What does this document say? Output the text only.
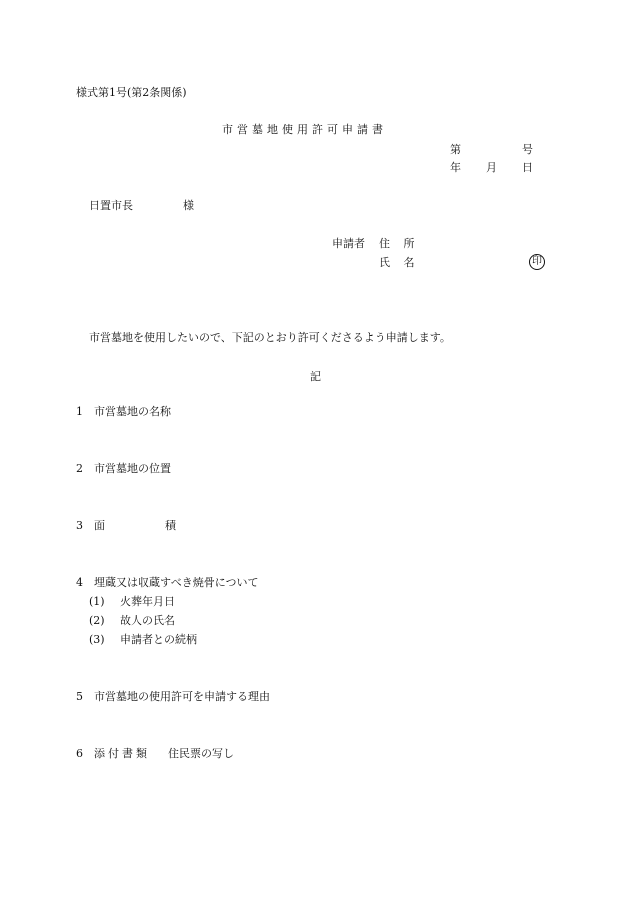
様式第1号(第2条関係)
市営墓地使用許可申請書
第	号
年 月 日
日置市長	様
申請者 住 所
氏 名	印
市営墓地を使用したいので、下記のとおり許可くださるよう申請します。
記
1 市営墓地の名称
2 市営墓地の位置
3 面	積
4 埋蔵又は収蔵すべき焼骨について
(1) 火葬年月日
(2) 故人の氏名
(3) 申請者との続柄
5 市営墓地の使用許可を申請する理由
6 添付書類 住民票の写し
